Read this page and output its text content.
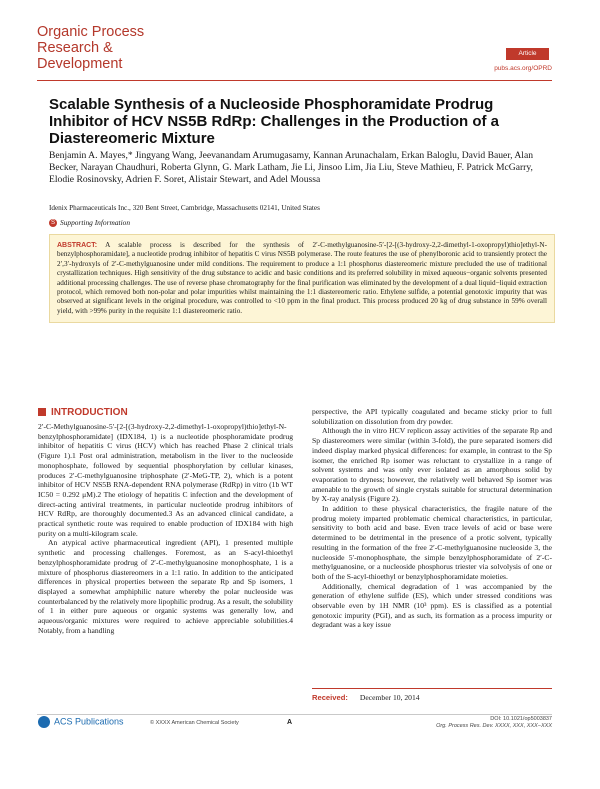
Organic Process
Research &
Development
Article
pubs.acs.org/OPRD
Scalable Synthesis of a Nucleoside Phosphoramidate Prodrug Inhibitor of HCV NS5B RdRp: Challenges in the Production of a Diastereomeric Mixture
Benjamin A. Mayes,* Jingyang Wang, Jeevanandam Arumugasamy, Kannan Arunachalam, Erkan Baloglu, David Bauer, Alan Becker, Narayan Chaudhuri, Roberta Glynn, G. Mark Latham, Jie Li, Jinsoo Lim, Jia Liu, Steve Mathieu, F. Patrick McGarry, Elodie Rosinovsky, Adrien F. Soret, Alistair Stewart, and Adel Moussa
Idenix Pharmaceuticals Inc., 320 Bent Street, Cambridge, Massachusetts 02141, United States
S Supporting Information
ABSTRACT: A scalable process is described for the synthesis of 2′-C-methylguanosine-5′-[2-[(3-hydroxy-2,2-dimethyl-1-oxopropyl)thio]ethyl-N-benzylphosphoramidate], a nucleotide prodrug inhibitor of hepatitis C virus NS5B polymerase. The route features the use of phenylboronic acid to transiently protect the 2′,3′-hydroxyls of 2′-C-methylguanosine under mild conditions. The requirement to produce a 1:1 phosphorus diastereomeric mixture precluded the use of traditional crystallization techniques. High sensitivity of the drug substance to acidic and basic conditions and its preferred solubility in mixed aqueous−organic solvents presented additional processing challenges. The use of reverse phase chromatography for the final purification was eliminated by the development of a dual liquid−liquid extraction protocol, which removed both non-polar and polar impurities whilst maintaining the 1:1 diastereomeric ratio. Ethylene sulfide, a potential genotoxic impurity that was observed at significant levels in the original procedure, was controlled to <10 ppm in the final product. This process produced 20 kg of drug substance in 59% overall yield, with >99% purity in the requisite 1:1 diastereomeric ratio.
INTRODUCTION

2′-C-Methylguanosine-5′-[2-[(3-hydroxy-2,2-dimethyl-1-oxopropyl)thio]ethyl-N-benzylphosphoramidate] (IDX184, 1) is a nucleotide phosphoramidate prodrug inhibitor of hepatitis C virus (HCV) which has reached Phase 2 clinical trials (Figure 1).1 Post oral administration, metabolism in the liver to the nucleoside monophosphate, followed by sequential phosphorylation by cellular kinases, produces 2′-C-methylguanosine triphosphate (2′-MeG-TP, 2), which is a potent inhibitor of HCV NS5B RNA-dependent RNA polymerase (RdRp) in vitro (1b WT IC50 = 0.292 μM).2 The etiology of hepatitis C infection and the development of direct-acting antiviral treatments, in particular nucleotide prodrug inhibitors of HCV RdRp, are thoroughly documented.3 As an advanced clinical candidate, a practical synthetic route was required to enable production of IDX184 with high purity on a multi-kilogram scale.

An atypical active pharmaceutical ingredient (API), 1 presented multiple synthetic and processing challenges. Foremost, as an S-acyl-thioethyl benzylphosphoramidate prodrug of 2′-C-methylguanosine monophosphate, 1 is a mixture of phosphorus diastereomers in a 1:1 ratio. In addition to the anticipated differences in physical properties between the separate Rp and Sp isomers, 1 displayed a somewhat amphiphilic nature whereby the polar nucleoside was counterbalanced by the relatively more lipophilic prodrug. As a result, the solubility of 1 in either pure aqueous or organic systems was generally low, and aqueous/organic mixtures were required to achieve appreciable solubilities.4 Notably, from a handling

perspective, the API typically coagulated and became sticky prior to full solubilization on dissolution from dry powder.

Although the in vitro HCV replicon assay activities of the separate Rp and Sp diastereomers were similar (within 3-fold), the pure separated isomers did indeed display marked physical differences: for example, in contrast to the Sp isomer, the enriched Rp isomer was reluctant to crystallize in a range of solvent systems and was only ever isolated as an amorphous solid by evaporation to dryness; however, the relatively well behaved Sp isomer was amenable to the growth of single crystals suitable for structural determination by X-ray analysis (Figure 2).

In addition to these physical characteristics, the fragile nature of the prodrug moiety imparted problematic chemical characteristics, in particular, sensitivity to both acid and base. Even trace levels of acid or base were determined to be detrimental in the presence of a protic solvent, typically resulting in the formation of the free 2′-C-methylguanosine nucleoside 3, the nucleoside 5′-monophosphate, the simple benzylphosphoramidate of 2′-C-methylguanosine, or a nucleoside phosphorus triester via solvolysis of one or both of the S-acyl-thioethyl or benzylphosphoramidate moieties.

Additionally, chemical degradation of 1 was accompanied by the generation of ethylene sulfide (ES), which under stressed conditions was observable even by 1H NMR (10³ ppm). ES is classified as a potential genotoxic impurity (PGI), and as such, its formation as a process impurity or degradant was a key issue

Received: December 10, 2014
ACS Publications	© XXXX American Chemical Society	A	DOI: 10.1021/op5003837
Org. Process Res. Dev. XXXX, XXX, XXX−XXX
